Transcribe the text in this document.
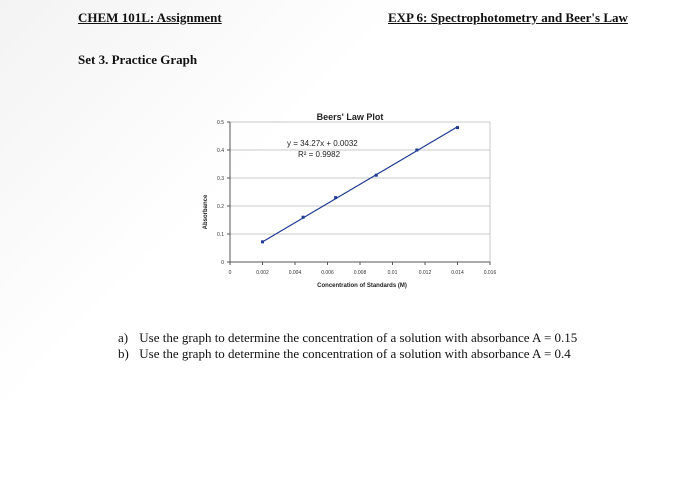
CHEM 101L: Assignment	EXP 6: Spectrophotometry and Beer's Law
Set 3. Practice Graph
0
0.1
0.2
0.3
0.4
0.5
0	0.002	0.004	0.006	0.008	0.01	0.012	0.014	0.016
Beers' Law Plot
y = 34.27x + 0.0032
R² = 0.9982
Concentration of Standards (M)
Absorbance
a) Use the graph to determine the concentration of a solution with absorbance A = 0.15
b) Use the graph to determine the concentration of a solution with absorbance A = 0.4
